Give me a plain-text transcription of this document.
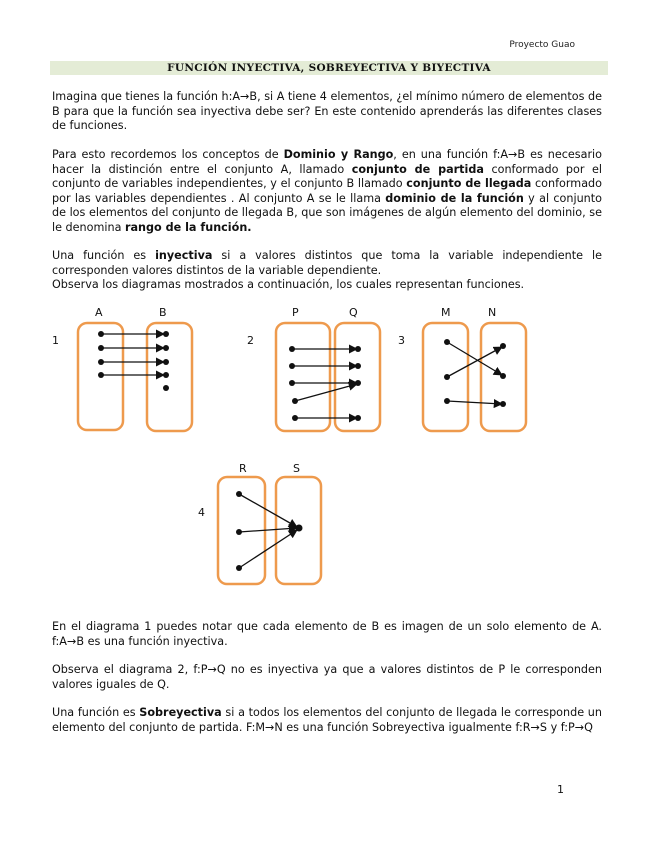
Proyecto Guao
FUNCIÓN INYECTIVA, SOBREYECTIVA Y BIYECTIVA

Imagina que tienes la función h:A→B, si A tiene 4 elementos, ¿el mínimo número de elementos de B para que la función sea inyectiva debe ser? En este contenido aprenderás las diferentes clases de funciones.

Para esto recordemos los conceptos de Dominio y Rango, en una función f:A→B es necesario hacer la distinción entre el conjunto A, llamado conjunto de partida conformado por el conjunto de variables independientes, y el conjunto B llamado conjunto de llegada conformado por las variables dependientes . Al conjunto A se le llama dominio de la función y al conjunto de los elementos del conjunto de llegada B, que son imágenes de algún elemento del dominio, se le denomina rango de la función.

Una función es inyectiva si a valores distintos que toma la variable independiente le corresponden valores distintos de la variable dependiente.
Observa los diagramas mostrados a continuación, los cuales representan funciones.

1
A	B
2
P	Q
3
M	N
4
R	S

En el diagrama 1 puedes notar que cada elemento de B es imagen de un solo elemento de A. f:A→B es una función inyectiva.

Observa el diagrama 2, f:P→Q no es inyectiva ya que a valores distintos de P le corresponden valores iguales de Q.

Una función es Sobreyectiva si a todos los elementos del conjunto de llegada le corresponde un elemento del conjunto de partida. F:M→N es una función Sobreyectiva igualmente f:R→S y f:P→Q

1
